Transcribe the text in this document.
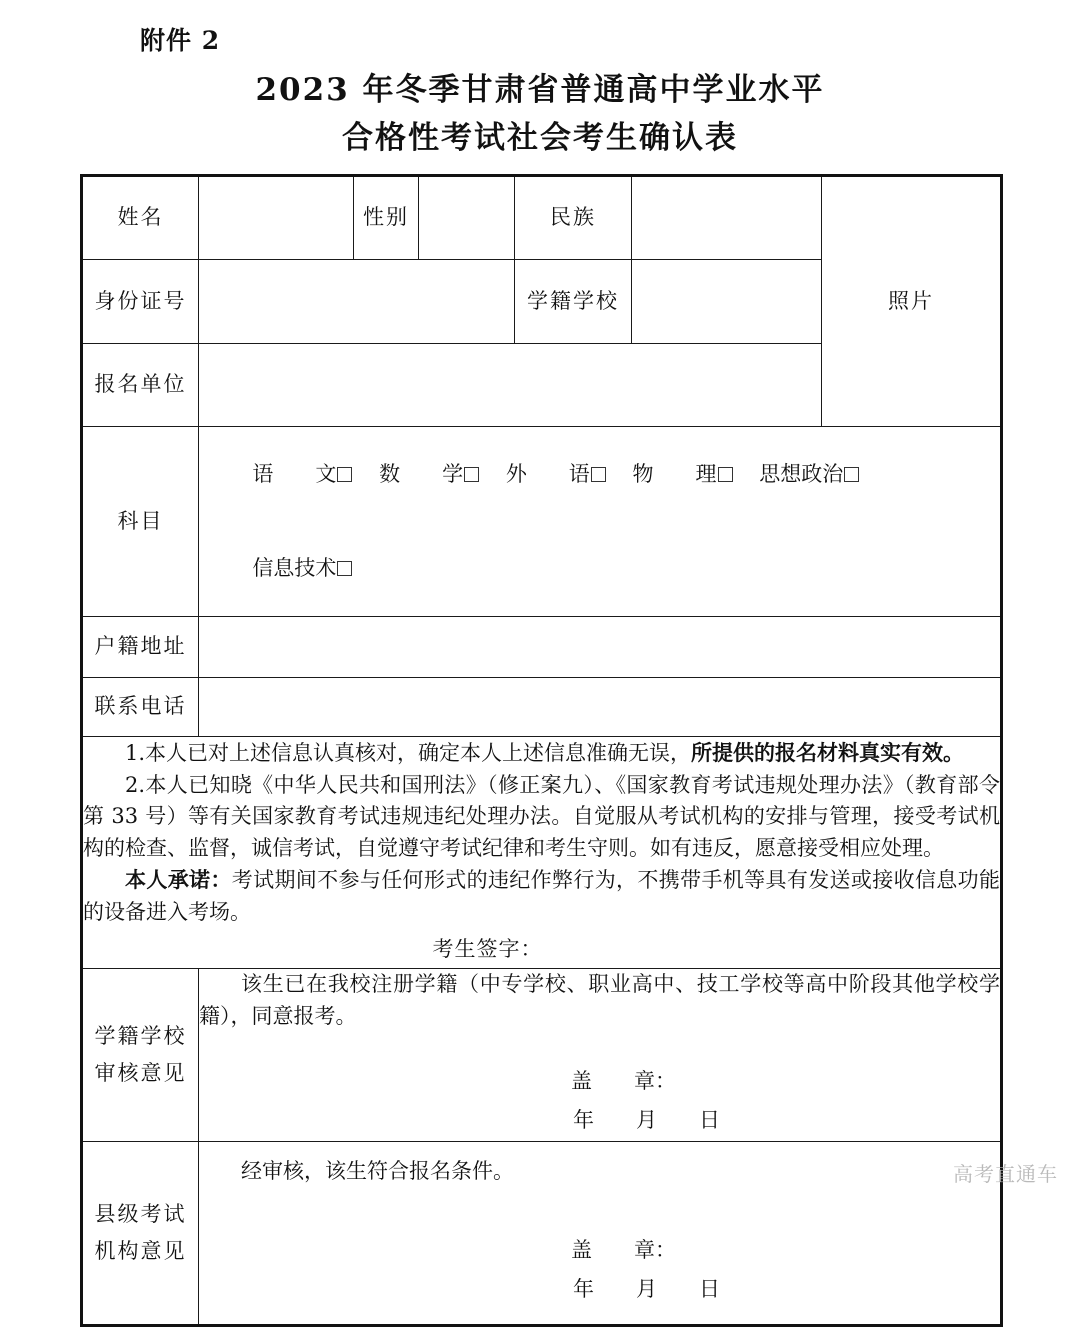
附件 2
2023 年冬季甘肃省普通高中学业水平
合格性考试社会考生确认表
姓名		性别		民族		照片
身份证号				学籍学校		
报名单位						
科目	语　　文 数　　学 外　　语 物　　理 思想政治

信息技术					

户籍地址						
联系电话						

1.本人已对上述信息认真核对，确定本人上述信息准确无误，所提供的报名材料真实有效。

2.本人已知晓《中华人民共和国刑法》（修正案九）、《国家教育考试违规处理办法》（教育部令第 33 号）等有关国家教育考试违规违纪处理办法。自觉服从考试机构的安排与管理，接受考试机构的检查、监督，诚信考试，自觉遵守考试纪律和考生守则。如有违反，愿意接受相应处理。

本人承诺：考试期间不参与任何形式的违纪作弊行为，不携带手机等具有发送或接收信息功能的设备进入考场。

考生签字：						

学籍学校
审核意见

该生已在我校注册学籍（中专学校、职业高中、技工学校等高中阶段其他学校学籍），同意报考。

盖　　章：
年　　月　　日

县级考试
机构意见

经审核，该生符合报名条件。

盖　　章：
年　　月　　日
高考直通车
